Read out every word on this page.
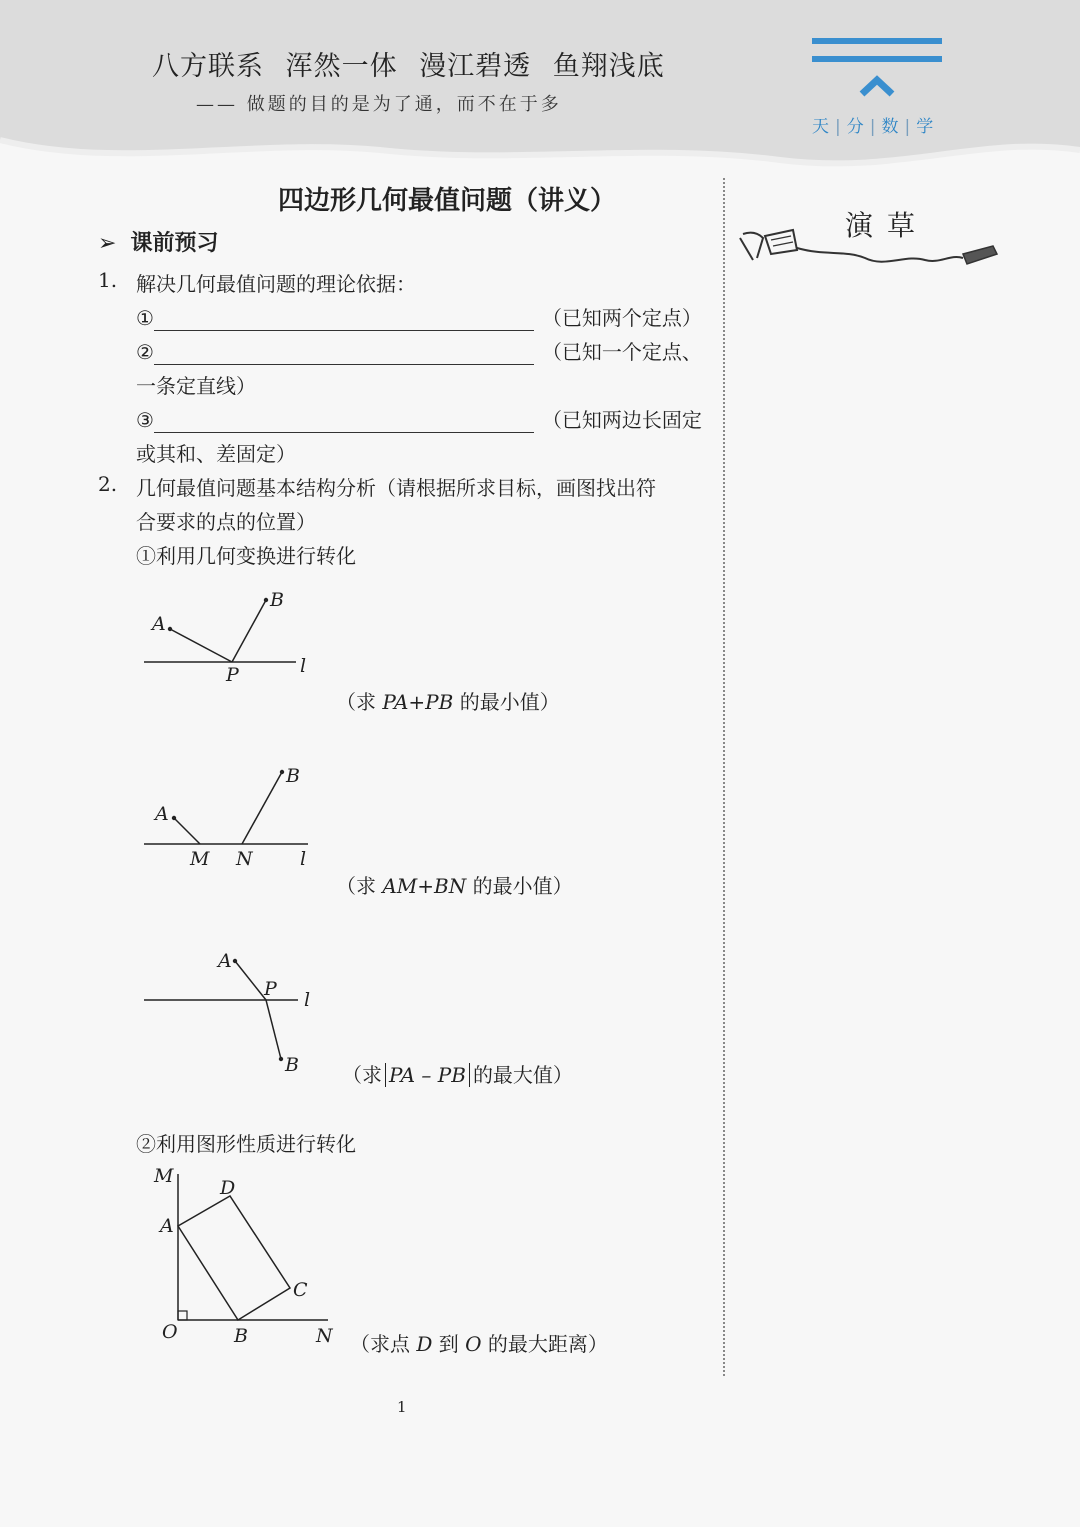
八方联系 浑然一体 漫江碧透 鱼翔浅底
—— 做题的目的是为了通，而不在于多
天 | 分 | 数 | 学
四边形几何最值问题（讲义）
演草
➢ 课前预习
1. 解决几何最值问题的理论依据：
①	（已知两个定点）
②	（已知一个定点、
一条定直线）
③	（已知两边长固定
或其和、差固定）
2. 几何最值问题基本结构分析（请根据所求目标，画图找出符
合要求的点的位置）
①利用几何变换进行转化
A
B
P	l
（求 PA+PB 的最小值）
A
B
M N l
（求 AM+BN 的最小值）
A
P l
B （求 PA – PB 的最大值）
②利用图形性质进行转化
M
D
A
C
O	B	N （求点 D 到 O 的最大距离）
1
